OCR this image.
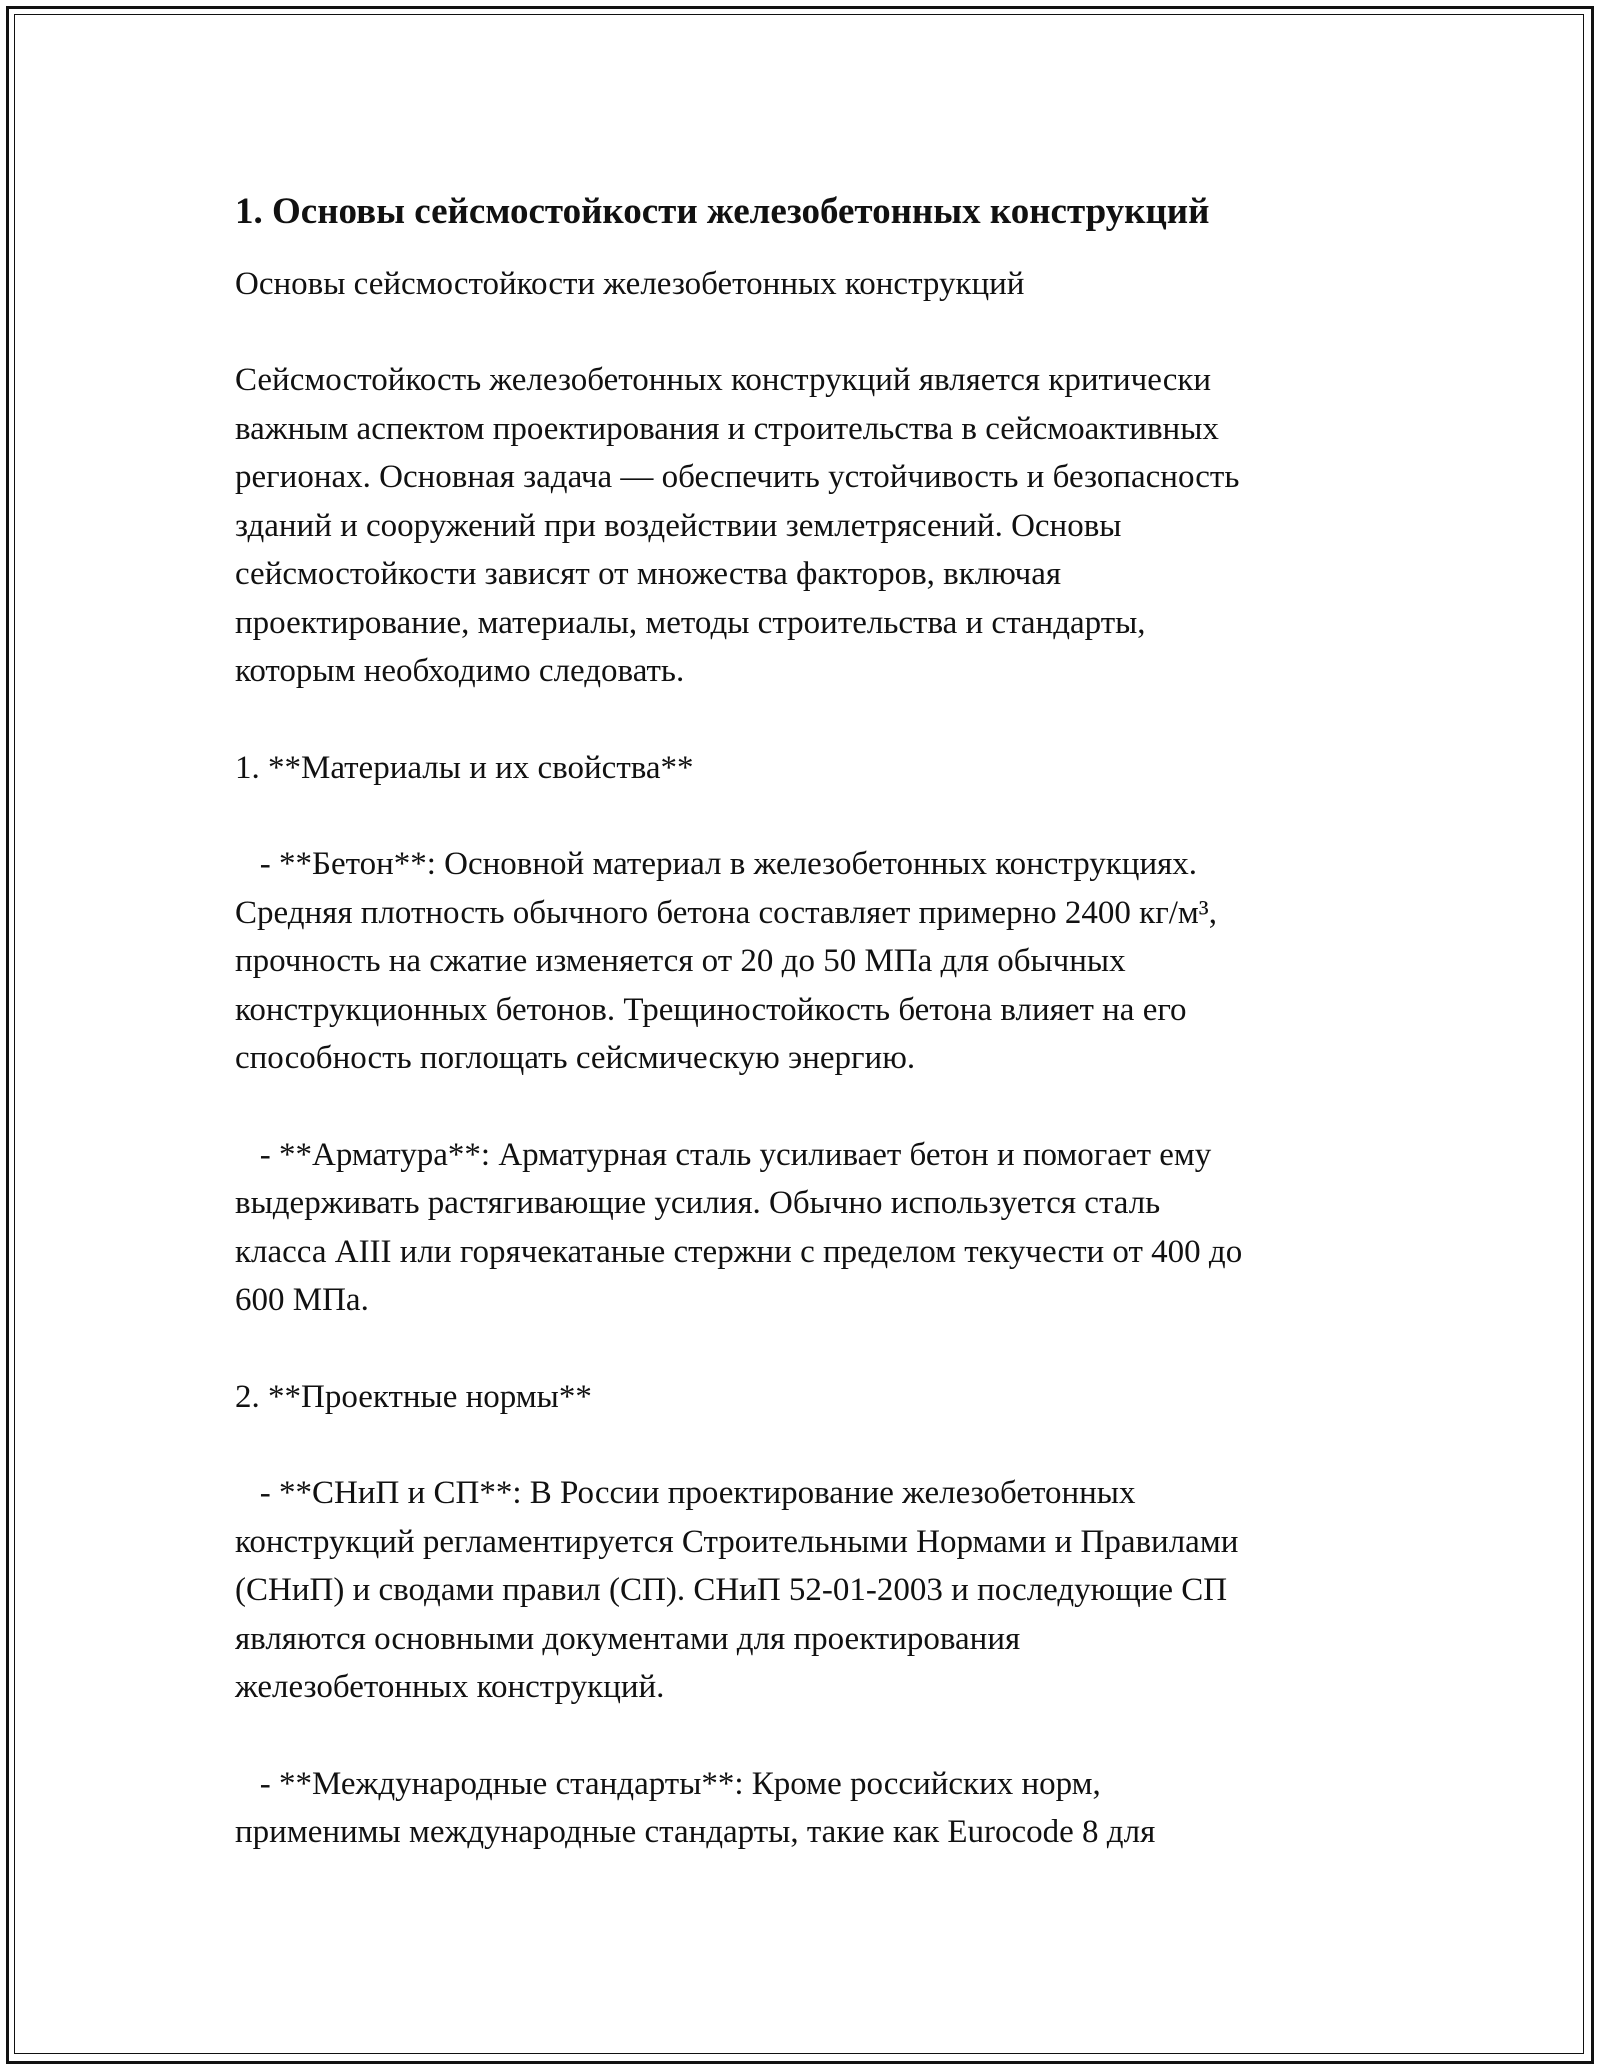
1. Основы сейсмостойкости железобетонных конструкций

Основы сейсмостойкости железобетонных конструкций

Сейсмостойкость железобетонных конструкций является критически
важным аспектом проектирования и строительства в сейсмоактивных
регионах. Основная задача — обеспечить устойчивость и безопасность
зданий и сооружений при воздействии землетрясений. Основы
сейсмостойкости зависят от множества факторов, включая
проектирование, материалы, методы строительства и стандарты,
которым необходимо следовать.

1. **Материалы и их свойства**

- **Бетон**: Основной материал в железобетонных конструкциях.
Средняя плотность обычного бетона составляет примерно 2400 кг/м³,
прочность на сжатие изменяется от 20 до 50 МПа для обычных
конструкционных бетонов. Трещиностойкость бетона влияет на его
способность поглощать сейсмическую энергию.

- **Арматура**: Арматурная сталь усиливает бетон и помогает ему
выдерживать растягивающие усилия. Обычно используется сталь
класса AIII или горячекатаные стержни с пределом текучести от 400 до
600 МПа.

2. **Проектные нормы**

- **СНиП и СП**: В России проектирование железобетонных
конструкций регламентируется Строительными Нормами и Правилами
(СНиП) и сводами правил (СП). СНиП 52-01-2003 и последующие СП
являются основными документами для проектирования
железобетонных конструкций.

- **Международные стандарты**: Кроме российских норм,
применимы международные стандарты, такие как Eurocode 8 для
